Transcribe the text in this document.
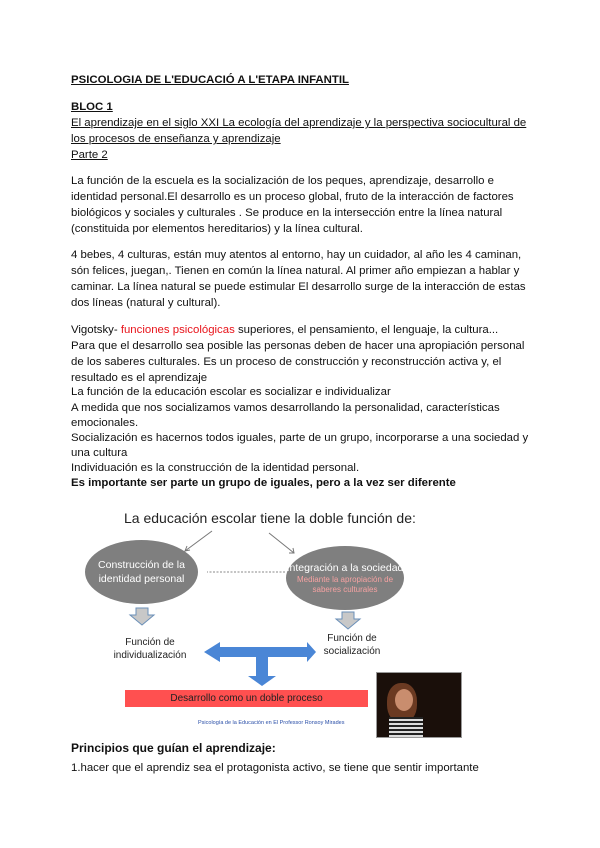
PSICOLOGIA DE L'EDUCACIÓ A L'ETAPA INFANTIL
BLOC 1
El aprendizaje en el siglo XXI La ecología del aprendizaje y la perspectiva sociocultural de
los procesos de enseñanza y aprendizaje
Parte 2
La función de la escuela es la socialización de los peques, aprendizaje, desarrollo e
identidad personal.El desarrollo es un proceso global, fruto de la interacción de factores
biológicos y sociales y culturales . Se produce en la intersección entre la línea natural
(constituida por elementos hereditarios) y la línea cultural.
4 bebes, 4 culturas, están muy atentos al entorno, hay un cuidador, al año les 4 caminan,
són felices, juegan,. Tienen en común la línea natural. Al primer año empiezan a hablar y
caminar. La línea natural se puede estimular El desarrollo surge de la interacción de estas
dos líneas (natural y cultural).
Vigotsky- funciones psicológicas superiores, el pensamiento, el lenguaje, la cultura...
Para que el desarrollo sea posible las personas deben de hacer una apropiación personal
de los saberes culturales. Es un proceso de construcción y reconstrucción activa y, el
resultado es el aprendizaje
La función de la educación escolar es socializar e individualizar
A medida que nos socializamos vamos desarrollando la personalidad, características
emocionales.
Socialización es hacernos todos iguales, parte de un grupo, incorporarse a una sociedad y
una cultura
Individuación es la construcción de la identidad personal.
Es importante ser parte un grupo de iguales, pero a la vez ser diferente
La educación escolar tiene la doble función de:
Construcción de la
identidad personal
Integración a la sociedad
Mediante la apropiación de
saberes culturales
Función de
individualización
Función de
socialización
Desarrollo como un doble proceso
Psicología de la Educación en El Professor Ronsoy Mirades
Principios que guían el aprendizaje:
1.hacer que el aprendiz sea el protagonista activo, se tiene que sentir importante
